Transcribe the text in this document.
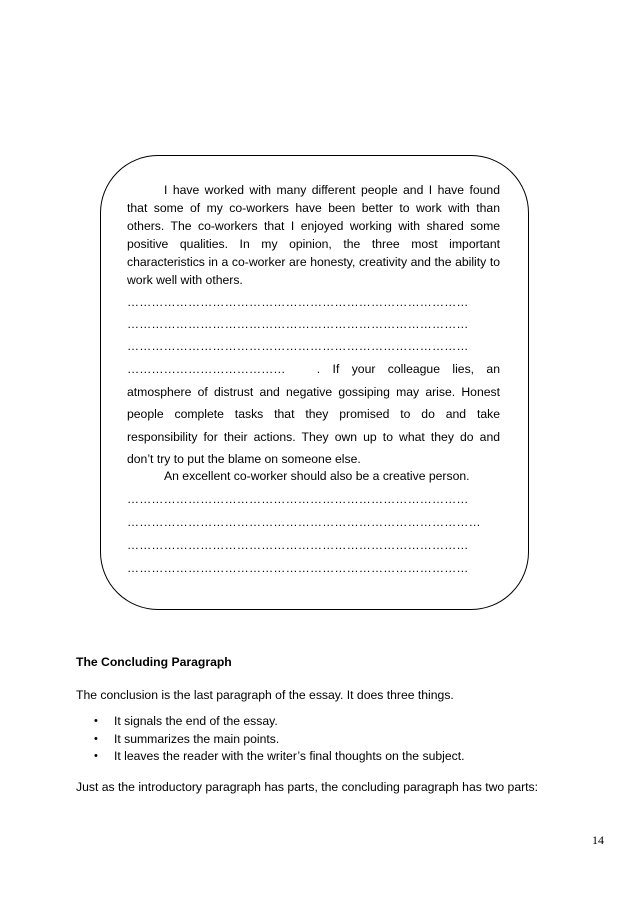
I have worked with many different people and I have found that some of my co-workers have been better to work with than others. The co-workers that I enjoyed working with shared some positive qualities. In my opinion, the three most important characteristics in a co-worker are honesty, creativity and the ability to work well with others.
…………………………………………………………………………
…………………………………………………………………………
…………………………………………………………………………
…………………………………	. If your colleague lies, an
atmosphere of distrust and negative gossiping may arise. Honest people complete tasks that they promised to do and take responsibility for their actions. They own up to what they do and don’t try to put the blame on someone else.
An excellent co-worker should also be a creative person.
…………………………………………………………………………
……………………………………………………………………………
…………………………………………………………………………
…………………………………………………………………………
The Concluding Paragraph
The conclusion is the last paragraph of the essay. It does three things.
• It signals the end of the essay.
• It summarizes the main points.
• It leaves the reader with the writer’s final thoughts on the subject.
Just as the introductory paragraph has parts, the concluding paragraph has two parts:
14
